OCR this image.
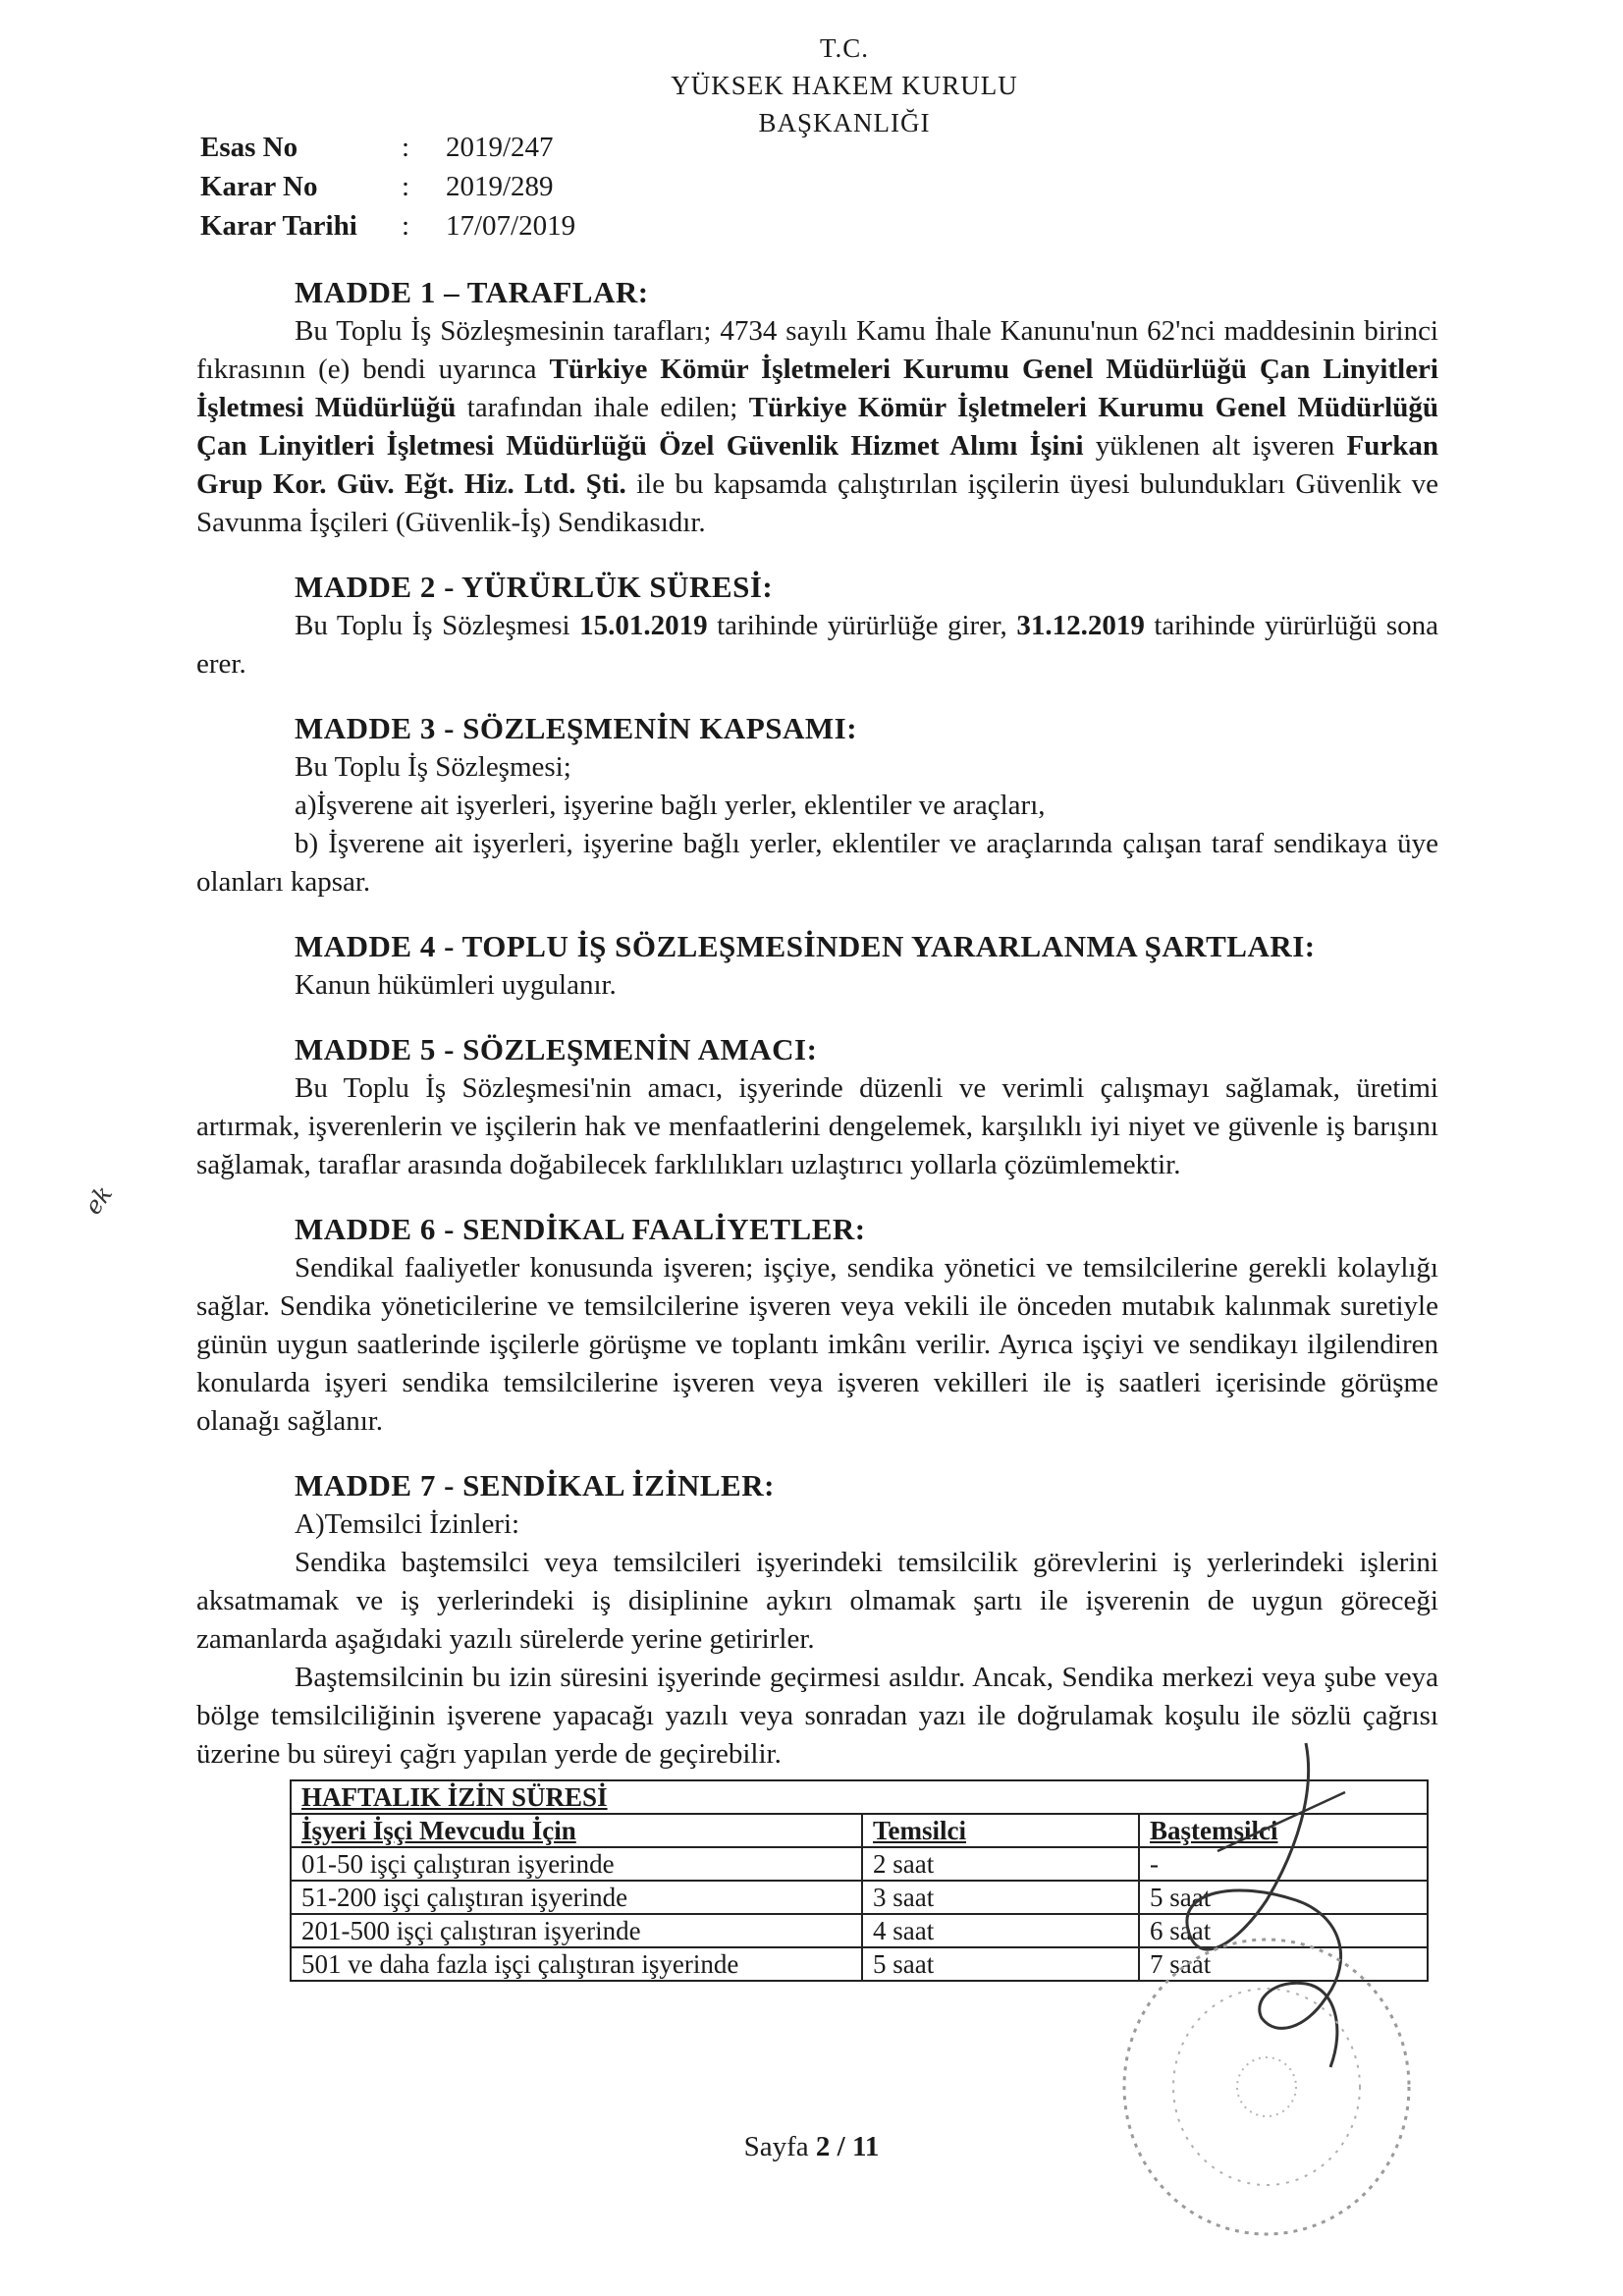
T.C.
YÜKSEK HAKEM KURULU
BAŞKANLIĞI
Esas No	:	2019/247
Karar No	:	2019/289
Karar Tarihi	:	17/07/2019
MADDE 1 – TARAFLAR:

Bu Toplu İş Sözleşmesinin tarafları; 4734 sayılı Kamu İhale Kanunu'nun 62'nci maddesinin birinci fıkrasının (e) bendi uyarınca Türkiye Kömür İşletmeleri Kurumu Genel Müdürlüğü Çan Linyitleri İşletmesi Müdürlüğü tarafından ihale edilen; Türkiye Kömür İşletmeleri Kurumu Genel Müdürlüğü Çan Linyitleri İşletmesi Müdürlüğü Özel Güvenlik Hizmet Alımı İşini yüklenen alt işveren Furkan Grup Kor. Güv. Eğt. Hiz. Ltd. Şti. ile bu kapsamda çalıştırılan işçilerin üyesi bulundukları Güvenlik ve Savunma İşçileri (Güvenlik-İş) Sendikasıdır.

MADDE 2 - YÜRÜRLÜK SÜRESİ:

Bu Toplu İş Sözleşmesi 15.01.2019 tarihinde yürürlüğe girer, 31.12.2019 tarihinde yürürlüğü sona erer.

MADDE 3 - SÖZLEŞMENİN KAPSAMI:

Bu Toplu İş Sözleşmesi;

a)İşverene ait işyerleri, işyerine bağlı yerler, eklentiler ve araçları,

b) İşverene ait işyerleri, işyerine bağlı yerler, eklentiler ve araçlarında çalışan taraf sendikaya üye olanları kapsar.

MADDE 4 - TOPLU İŞ SÖZLEŞMESİNDEN YARARLANMA ŞARTLARI:

Kanun hükümleri uygulanır.

MADDE 5 - SÖZLEŞMENİN AMACI:

Bu Toplu İş Sözleşmesi'nin amacı, işyerinde düzenli ve verimli çalışmayı sağlamak, üretimi artırmak, işverenlerin ve işçilerin hak ve menfaatlerini dengelemek, karşılıklı iyi niyet ve güvenle iş barışını sağlamak, taraflar arasında doğabilecek farklılıkları uzlaştırıcı yollarla çözümlemektir.

MADDE 6 - SENDİKAL FAALİYETLER:

Sendikal faaliyetler konusunda işveren; işçiye, sendika yönetici ve temsilcilerine gerekli kolaylığı sağlar. Sendika yöneticilerine ve temsilcilerine işveren veya vekili ile önceden mutabık kalınmak suretiyle günün uygun saatlerinde işçilerle görüşme ve toplantı imkânı verilir. Ayrıca işçiyi ve sendikayı ilgilendiren konularda işyeri sendika temsilcilerine işveren veya işveren vekilleri ile iş saatleri içerisinde görüşme olanağı sağlanır.

MADDE 7 - SENDİKAL İZİNLER:

A)Temsilci İzinleri:

Sendika baştemsilci veya temsilcileri işyerindeki temsilcilik görevlerini iş yerlerindeki işlerini aksatmamak ve iş yerlerindeki iş disiplinine aykırı olmamak şartı ile işverenin de uygun göreceği zamanlarda aşağıdaki yazılı sürelerde yerine getirirler.

Baştemsilcinin bu izin süresini işyerinde geçirmesi asıldır. Ancak, Sendika merkezi veya şube veya bölge temsilciliğinin işverene yapacağı yazılı veya sonradan yazı ile doğrulamak koşulu ile sözlü çağrısı üzerine bu süreyi çağrı yapılan yerde de geçirebilir.

HAFTALIK İZİN SÜRESİ		
İşyeri İşçi Mevcudu İçin	Temsilci	Baştemsilci
01-50 işçi çalıştıran işyerinde	2 saat	-
51-200 işçi çalıştıran işyerinde	3 saat	5 saat
201-500 işçi çalıştıran işyerinde	4 saat	6 saat
501 ve daha fazla işçi çalıştıran işyerinde	5 saat	7 saat
ek
Sayfa 2 / 11
